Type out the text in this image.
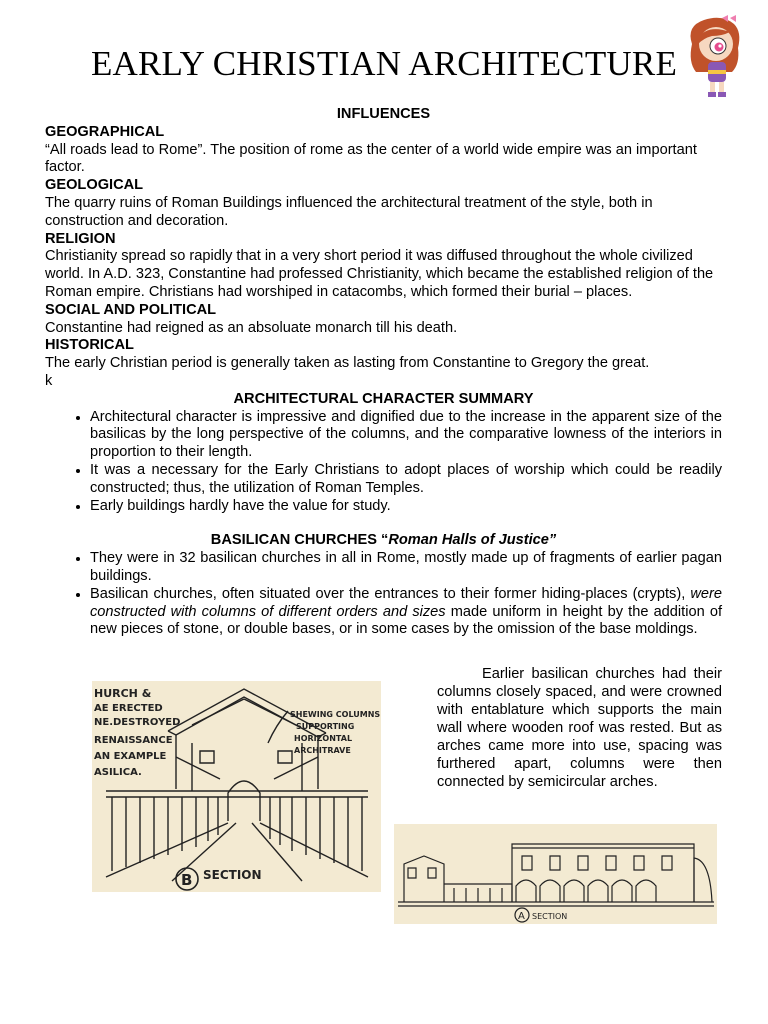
EARLY CHRISTIAN ARCHITECTURE

INFLUENCES

GEOGRAPHICAL

“All roads lead to Rome”. The position of rome as the center of a world wide empire was an important factor.

GEOLOGICAL

The quarry ruins of Roman Buildings influenced the architectural treatment of the style, both in construction and decoration.

RELIGION

Christianity spread so rapidly that in a very short period it was diffused throughout the whole civilized world. In A.D. 323, Constantine had professed Christianity, which became the established religion of the Roman empire. Christians had worshiped in catacombs, which formed their burial – places.

SOCIAL AND POLITICAL

Constantine had reigned as an absoluate monarch till his death.

HISTORICAL

The early Christian period is generally taken as lasting from Constantine to Gregory the great.

k

ARCHITECTURAL CHARACTER SUMMARY

• Architectural character is impressive and dignified due to the increase in the apparent size of the basilicas by the long perspective of the columns, and the comparative lowness of the interiors in proportion to their length.
• It was a necessary for the Early Christians to adopt places of worship which could be readily constructed; thus, the utilization of Roman Temples.
• Early buildings hardly have the value for study.

BASILICAN CHURCHES “Roman Halls of Justice”

• They were in 32 basilican churches in all in Rome, mostly made up of fragments of earlier pagan buildings.
• Basilican churches, often situated over the entrances to their former hiding-places (crypts), were constructed with columns of different orders and sizes made uniform in height by the addition of new pieces of stone, or double bases, or in some cases by the omission of the base moldings.

Earlier basilican churches had their columns closely spaced, and were crowned with entablature which supports the main wall where wooden roof was rested. But as arches came more into use, spacing was furthered apart, columns were then connected by semicircular arches.

HURCH &
AE ERECTED
NE.DESTROYED
RENAISSANCE
AN EXAMPLE
ASILICA.
SHEWING COLUMNS
SUPPORTING
HORIZONTAL
ARCHITRAVE
B SECTION
A SECTION
